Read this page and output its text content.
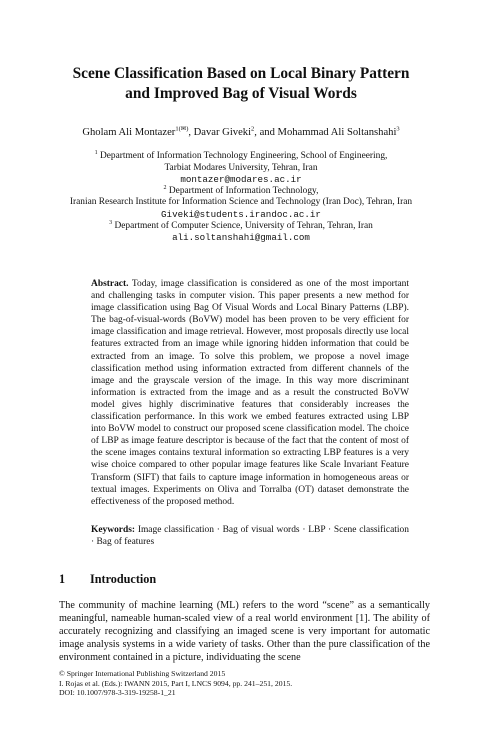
Scene Classification Based on Local Binary Pattern
and Improved Bag of Visual Words
Gholam Ali Montazer$^{1(✉)}$, Davar Giveki$^2$, and Mohammad Ali Soltanshahi$^3$
$^1$ Department of Information Technology Engineering, School of Engineering,
Tarbiat Modares University, Tehran, Iran
montazer@modares.ac.ir
$^2$ Department of Information Technology,
Iranian Research Institute for Information Science and Technology (Iran Doc), Tehran, Iran
Giveki@students.irandoc.ac.ir
$^3$ Department of Computer Science, University of Tehran, Tehran, Iran
ali.soltanshahi@gmail.com

Abstract. Today, image classification is considered as one of the most important and challenging tasks in computer vision. This paper presents a new method for image classification using Bag Of Visual Words and Local Binary Patterns (LBP). The bag-of-visual-words (BoVW) model has been proven to be very efficient for image classification and image retrieval. However, most proposals directly use local features extracted from an image while ignoring hidden information that could be extracted from an image. To solve this problem, we propose a novel image classification method using information extracted from different channels of the image and the grayscale version of the image. In this way more discriminant information is extracted from the image and as a result the constructed BoVW model gives highly discriminative features that considerably increases the classification performance. In this work we embed features extracted using LBP into BoVW model to construct our proposed scene classification model. The choice of LBP as image feature descriptor is because of the fact that the content of most of the scene images contains textural information so extracting LBP features is a very wise choice compared to other popular image features like Scale Invariant Feature Transform (SIFT) that fails to capture image information in homogeneous areas or textual images. Experiments on Oliva and Torralba (OT) dataset demonstrate the effectiveness of the proposed method.

Keywords: Image classification · Bag of visual words · LBP · Scene classification · Bag of features

1 Introduction

The community of machine learning (ML) refers to the word “scene” as a semantically meaningful, nameable human-scaled view of a real world environment [1]. The ability of accurately recognizing and classifying an imaged scene is very important for automatic image analysis systems in a wide variety of tasks. Other than the pure classification of the environment contained in a picture, individuating the scene

© Springer International Publishing Switzerland 2015
I. Rojas et al. (Eds.): IWANN 2015, Part I, LNCS 9094, pp. 241–251, 2015.
DOI: 10.1007/978-3-319-19258-1_21
